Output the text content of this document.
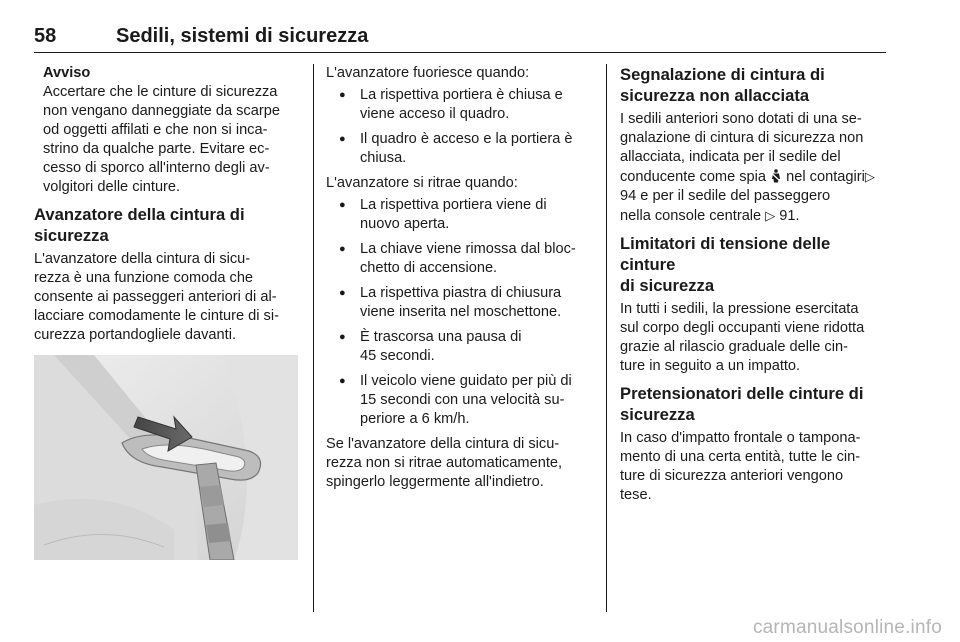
58	Sedili, sistemi di sicurezza
Avviso
Accertare che le cinture di sicurezza
non vengano danneggiate da scarpe
od oggetti affilati e che non si inca-
strino da qualche parte. Evitare ec-
cesso di sporco all'interno degli av-
volgitori delle cinture.
Avanzatore della cintura di
sicurezza
L'avanzatore della cintura di sicu-
rezza è una funzione comoda che
consente ai passeggeri anteriori di al-
lacciare comodamente le cinture di si-
curezza portandogliele davanti.
L'avanzatore fuoriesce quando:
● La rispettiva portiera è chiusa e
viene acceso il quadro.
● Il quadro è acceso e la portiera è
chiusa.
L'avanzatore si ritrae quando:
● La rispettiva portiera viene di
nuovo aperta.
● La chiave viene rimossa dal bloc-
chetto di accensione.
● La rispettiva piastra di chiusura
viene inserita nel moschettone.
● È trascorsa una pausa di
45 secondi.
● Il veicolo viene guidato per più di
15 secondi con una velocità su-
periore a 6 km/h.
Se l'avanzatore della cintura di sicu-
rezza non si ritrae automaticamente,
spingerlo leggermente all'indietro.
Segnalazione di cintura di
sicurezza non allacciata
I sedili anteriori sono dotati di una se-
gnalazione di cintura di sicurezza non
allacciata, indicata per il sedile del
conducente come spia  nel contagiri▷ 94 e per il sedile del passeggero
nella console centrale ▷ 91.
Limitatori di tensione delle cinture
di sicurezza
In tutti i sedili, la pressione esercitata
sul corpo degli occupanti viene ridotta
grazie al rilascio graduale delle cin-
ture in seguito a un impatto.
Pretensionatori delle cinture di
sicurezza
In caso d'impatto frontale o tampona-
mento di una certa entità, tutte le cin-
ture di sicurezza anteriori vengono
tese.
carmanualsonline.info
